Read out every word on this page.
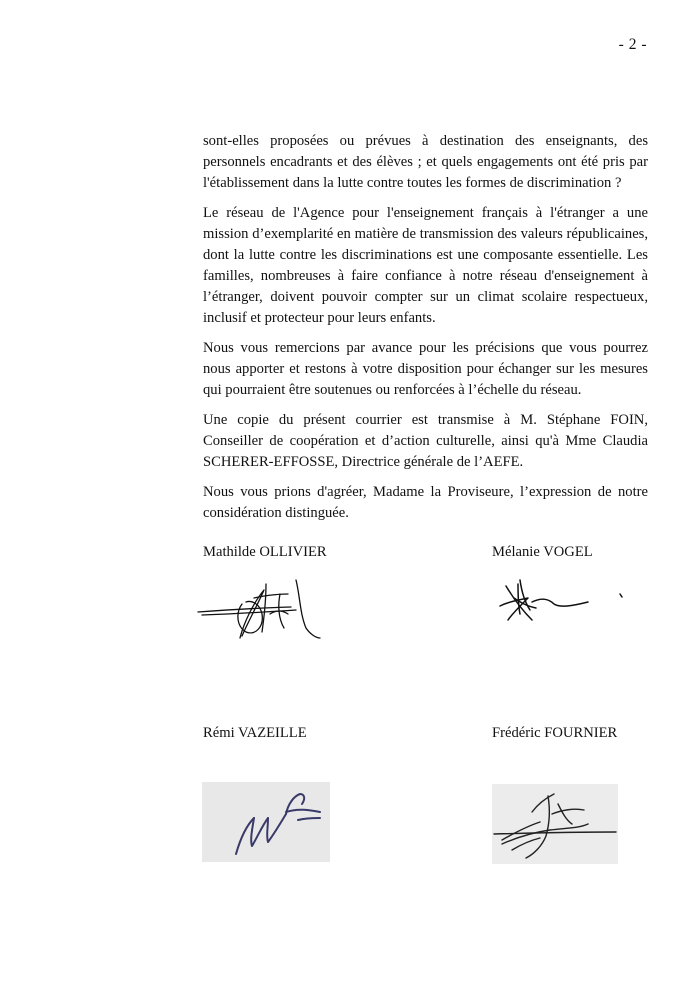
- 2 -

sont-elles proposées ou prévues à destination des enseignants, des personnels encadrants et des élèves ; et quels engagements ont été pris par l'établissement dans la lutte contre toutes les formes de discrimination ?

Le réseau de l'Agence pour l'enseignement français à l'étranger a une mission d’exemplarité en matière de transmission des valeurs républicaines, dont la lutte contre les discriminations est une composante essentielle. Les familles, nombreuses à faire confiance à notre réseau d'enseignement à l’étranger, doivent pouvoir compter sur un climat scolaire respectueux, inclusif et protecteur pour leurs enfants.

Nous vous remercions par avance pour les précisions que vous pourrez nous apporter et restons à votre disposition pour échanger sur les mesures qui pourraient être soutenues ou renforcées à l’échelle du réseau.

Une copie du présent courrier est transmise à M. Stéphane FOIN, Conseiller de coopération et d’action culturelle, ainsi qu'à Mme Claudia SCHERER-EFFOSSE, Directrice générale de l’AEFE.

Nous vous prions d'agréer, Madame la Proviseure, l’expression de notre considération distinguée.

Mathilde OLLIVIER	Mélanie VOGEL
Rémi VAZEILLE	Frédéric FOURNIER
